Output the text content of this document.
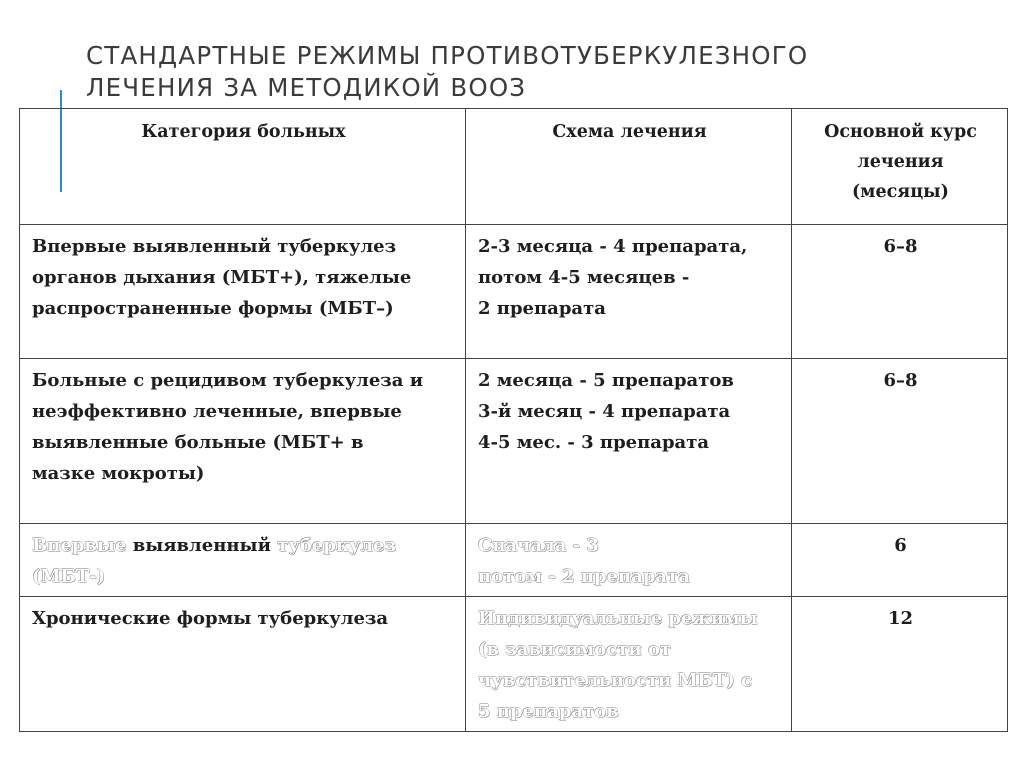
СТАНДАРТНЫЕ РЕЖИМЫ ПРОТИВОТУБЕРКУЛЕЗНОГО
ЛЕЧЕНИЯ ЗА МЕТОДИКОЙ ВООЗ
Категория больных	Схема лечения	Основной курс
лечения
(месяцы)

Впервые выявленный туберкулез
органов дыхания (МБТ+), тяжелые
распространенные формы (МБТ–)	2-3 месяца - 4 препарата,
потом 4-5 месяцев -
2 препарата	6–8

Больные с рецидивом туберкулеза и
неэффективно леченные, впервые
выявленные больные (МБТ+ в
мазке мокроты)	2 месяца - 5 препаратов
3-й месяц - 4 препарата
4-5 мес. - 3 препарата	6–8

Впервые выявленный туберкулез
(МБТ-)	Сначала - 3
потом - 2 препарата	6

Хронические формы туберкулеза	Индивидуальные режимы
(в зависимости от
чувствительности МБТ) с
5 препаратов	12
